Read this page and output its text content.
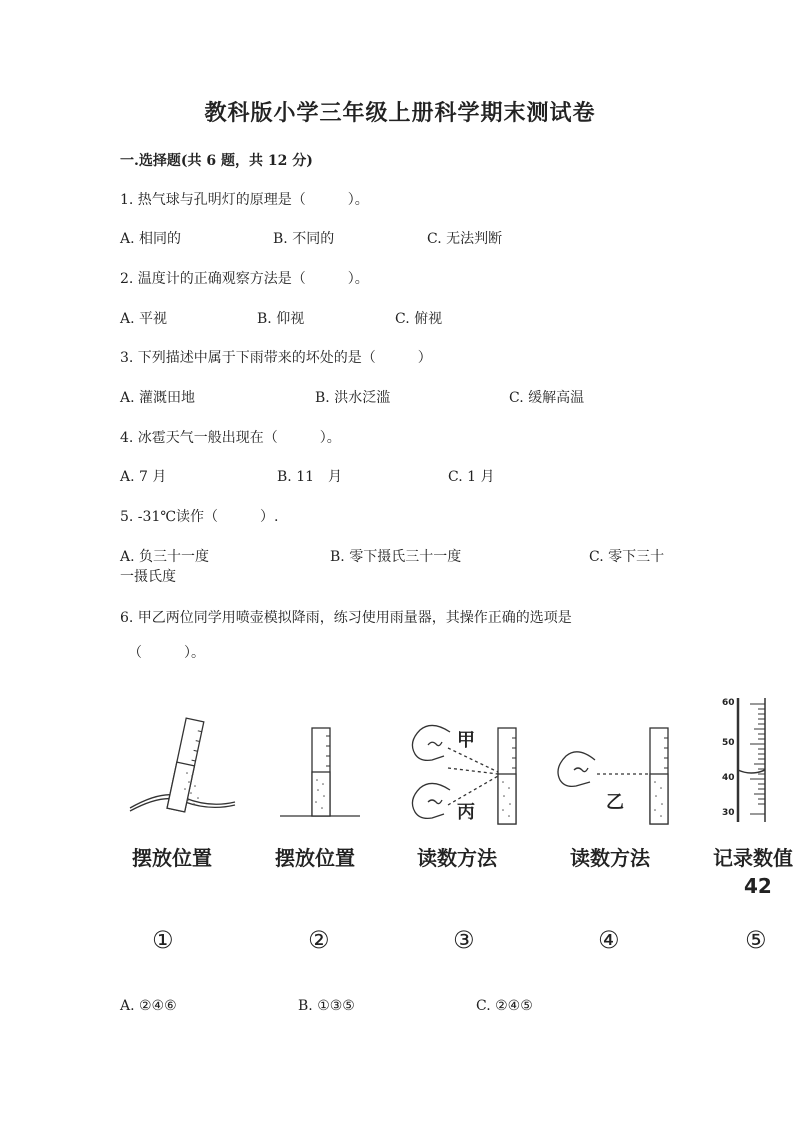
教科版小学三年级上册科学期末测试卷
一.选择题(共 6 题，共 12 分)
1. 热气球与孔明灯的原理是（　　　）。
A. 相同的	B. 不同的	C. 无法判断
2. 温度计的正确观察方法是（　　　）。
A. 平视	B. 仰视	C. 俯视
3. 下列描述中属于下雨带来的坏处的是（　　　）
A. 灌溉田地	B. 洪水泛滥	C. 缓解高温
4. 冰雹天气一般出现在（　　　）。
A. 7 月	B. 11　月	C. 1 月
5. -31℃读作（　　　）.
A. 负三十一度	B. 零下摄氏三十一度	C. 零下三十
一摄氏度
6. 甲乙两位同学用喷壶模拟降雨，练习使用雨量器，其操作正确的选项是
（　　　）。
甲
丙	乙
60
50
40
30
摆放位置	摆放位置	读数方法	读数方法	记录数值
42
①	②	③	④	⑤
A. ②④⑥	B. ①③⑤	C. ②④⑤
